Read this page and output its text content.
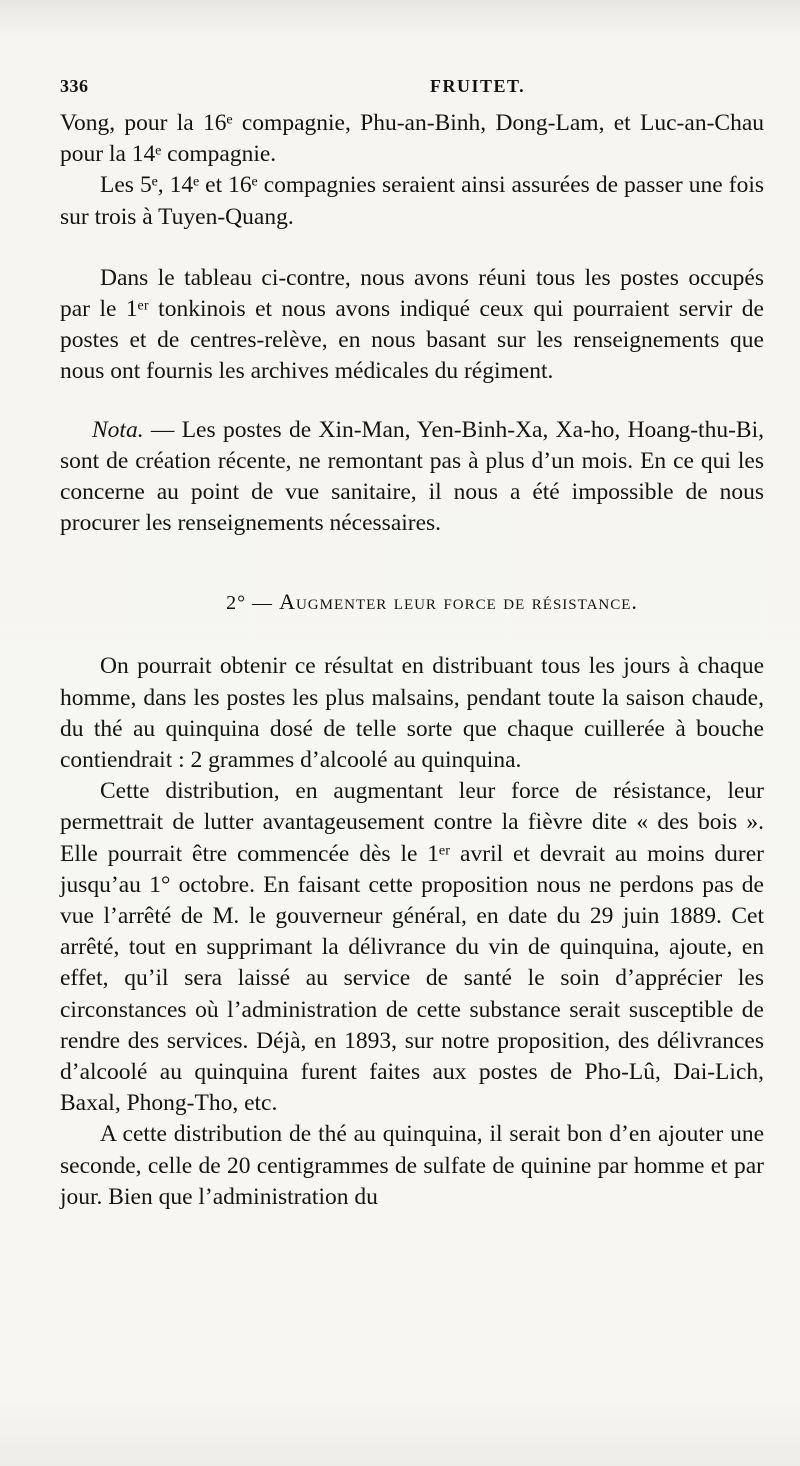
336	FRUITET.

Vong, pour la 16ᵉ compagnie, Phu-an-Binh, Dong-Lam, et Luc-an-Chau pour la 14ᵉ compagnie.

Les 5ᵉ, 14ᵉ et 16ᵉ compagnies seraient ainsi assurées de passer une fois sur trois à Tuyen-Quang.

Dans le tableau ci-contre, nous avons réuni tous les postes occupés par le 1ᵉʳ tonkinois et nous avons indiqué ceux qui pourraient servir de postes et de centres-relève, en nous basant sur les renseignements que nous ont fournis les archives médicales du régiment.

Nota. — Les postes de Xin-Man, Yen-Binh-Xa, Xa-ho, Hoang-thu-Bi, sont de création récente, ne remontant pas à plus d’un mois. En ce qui les concerne au point de vue sanitaire, il nous a été impossible de nous procurer les renseignements nécessaires.

2° — Augmenter leur force de résistance.

On pourrait obtenir ce résultat en distribuant tous les jours à chaque homme, dans les postes les plus malsains, pendant toute la saison chaude, du thé au quinquina dosé de telle sorte que chaque cuillerée à bouche contiendrait : 2 grammes d’alcoolé au quinquina.

Cette distribution, en augmentant leur force de résistance, leur permettrait de lutter avantageusement contre la fièvre dite « des bois ». Elle pourrait être commencée dès le 1ᵉʳ avril et devrait au moins durer jusqu’au 1° octobre. En faisant cette proposition nous ne perdons pas de vue l’arrêté de M. le gouverneur général, en date du 29 juin 1889. Cet arrêté, tout en supprimant la délivrance du vin de quinquina, ajoute, en effet, qu’il sera laissé au service de santé le soin d’apprécier les circonstances où l’administration de cette substance serait susceptible de rendre des services. Déjà, en 1893, sur notre proposition, des délivrances d’alcoolé au quinquina furent faites aux postes de Pho-Lû, Dai-Lich, Baxal, Phong-Tho, etc.

A cette distribution de thé au quinquina, il serait bon d’en ajouter une seconde, celle de 20 centigrammes de sulfate de quinine par homme et par jour. Bien que l’administration du
